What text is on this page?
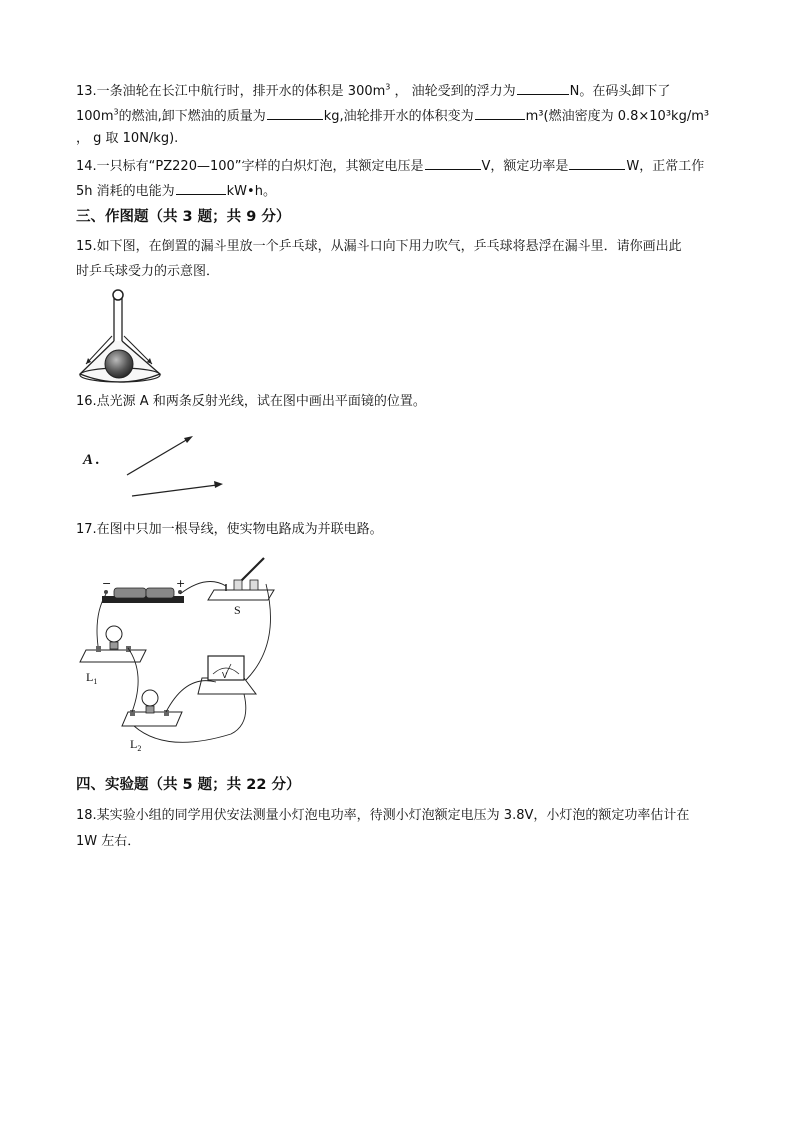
13.一条油轮在长江中航行时，排开水的体积是 $300m^3$ ， 油轮受到的浮力为	N。在码头卸下了
$100m^3$的燃油,卸下燃油的质量为	kg,油轮排开水的体积变为	m³(燃油密度为 0.8×10³kg/m³
， g 取 10N/kg).
14.一只标有“PZ220—100”字样的白炽灯泡，其额定电压是	V，额定功率是	W，正常工作
5h 消耗的电能为	kW•h。
三、作图题（共 3 题；共 9 分）
15.如下图，在倒置的漏斗里放一个乒乓球，从漏斗口向下用力吹气，乒乓球将悬浮在漏斗里．请你画出此
时乒乓球受力的示意图．
16.点光源 A 和两条反射光线，试在图中画出平面镜的位置。
A .
17.在图中只加一根导线，使实物电路成为并联电路。
−	+
S
$L_1$
$L_2$
V
四、实验题（共 5 题；共 22 分）
18.某实验小组的同学用伏安法测量小灯泡电功率，待测小灯泡额定电压为 3.8V，小灯泡的额定功率估计在
1W 左右．
